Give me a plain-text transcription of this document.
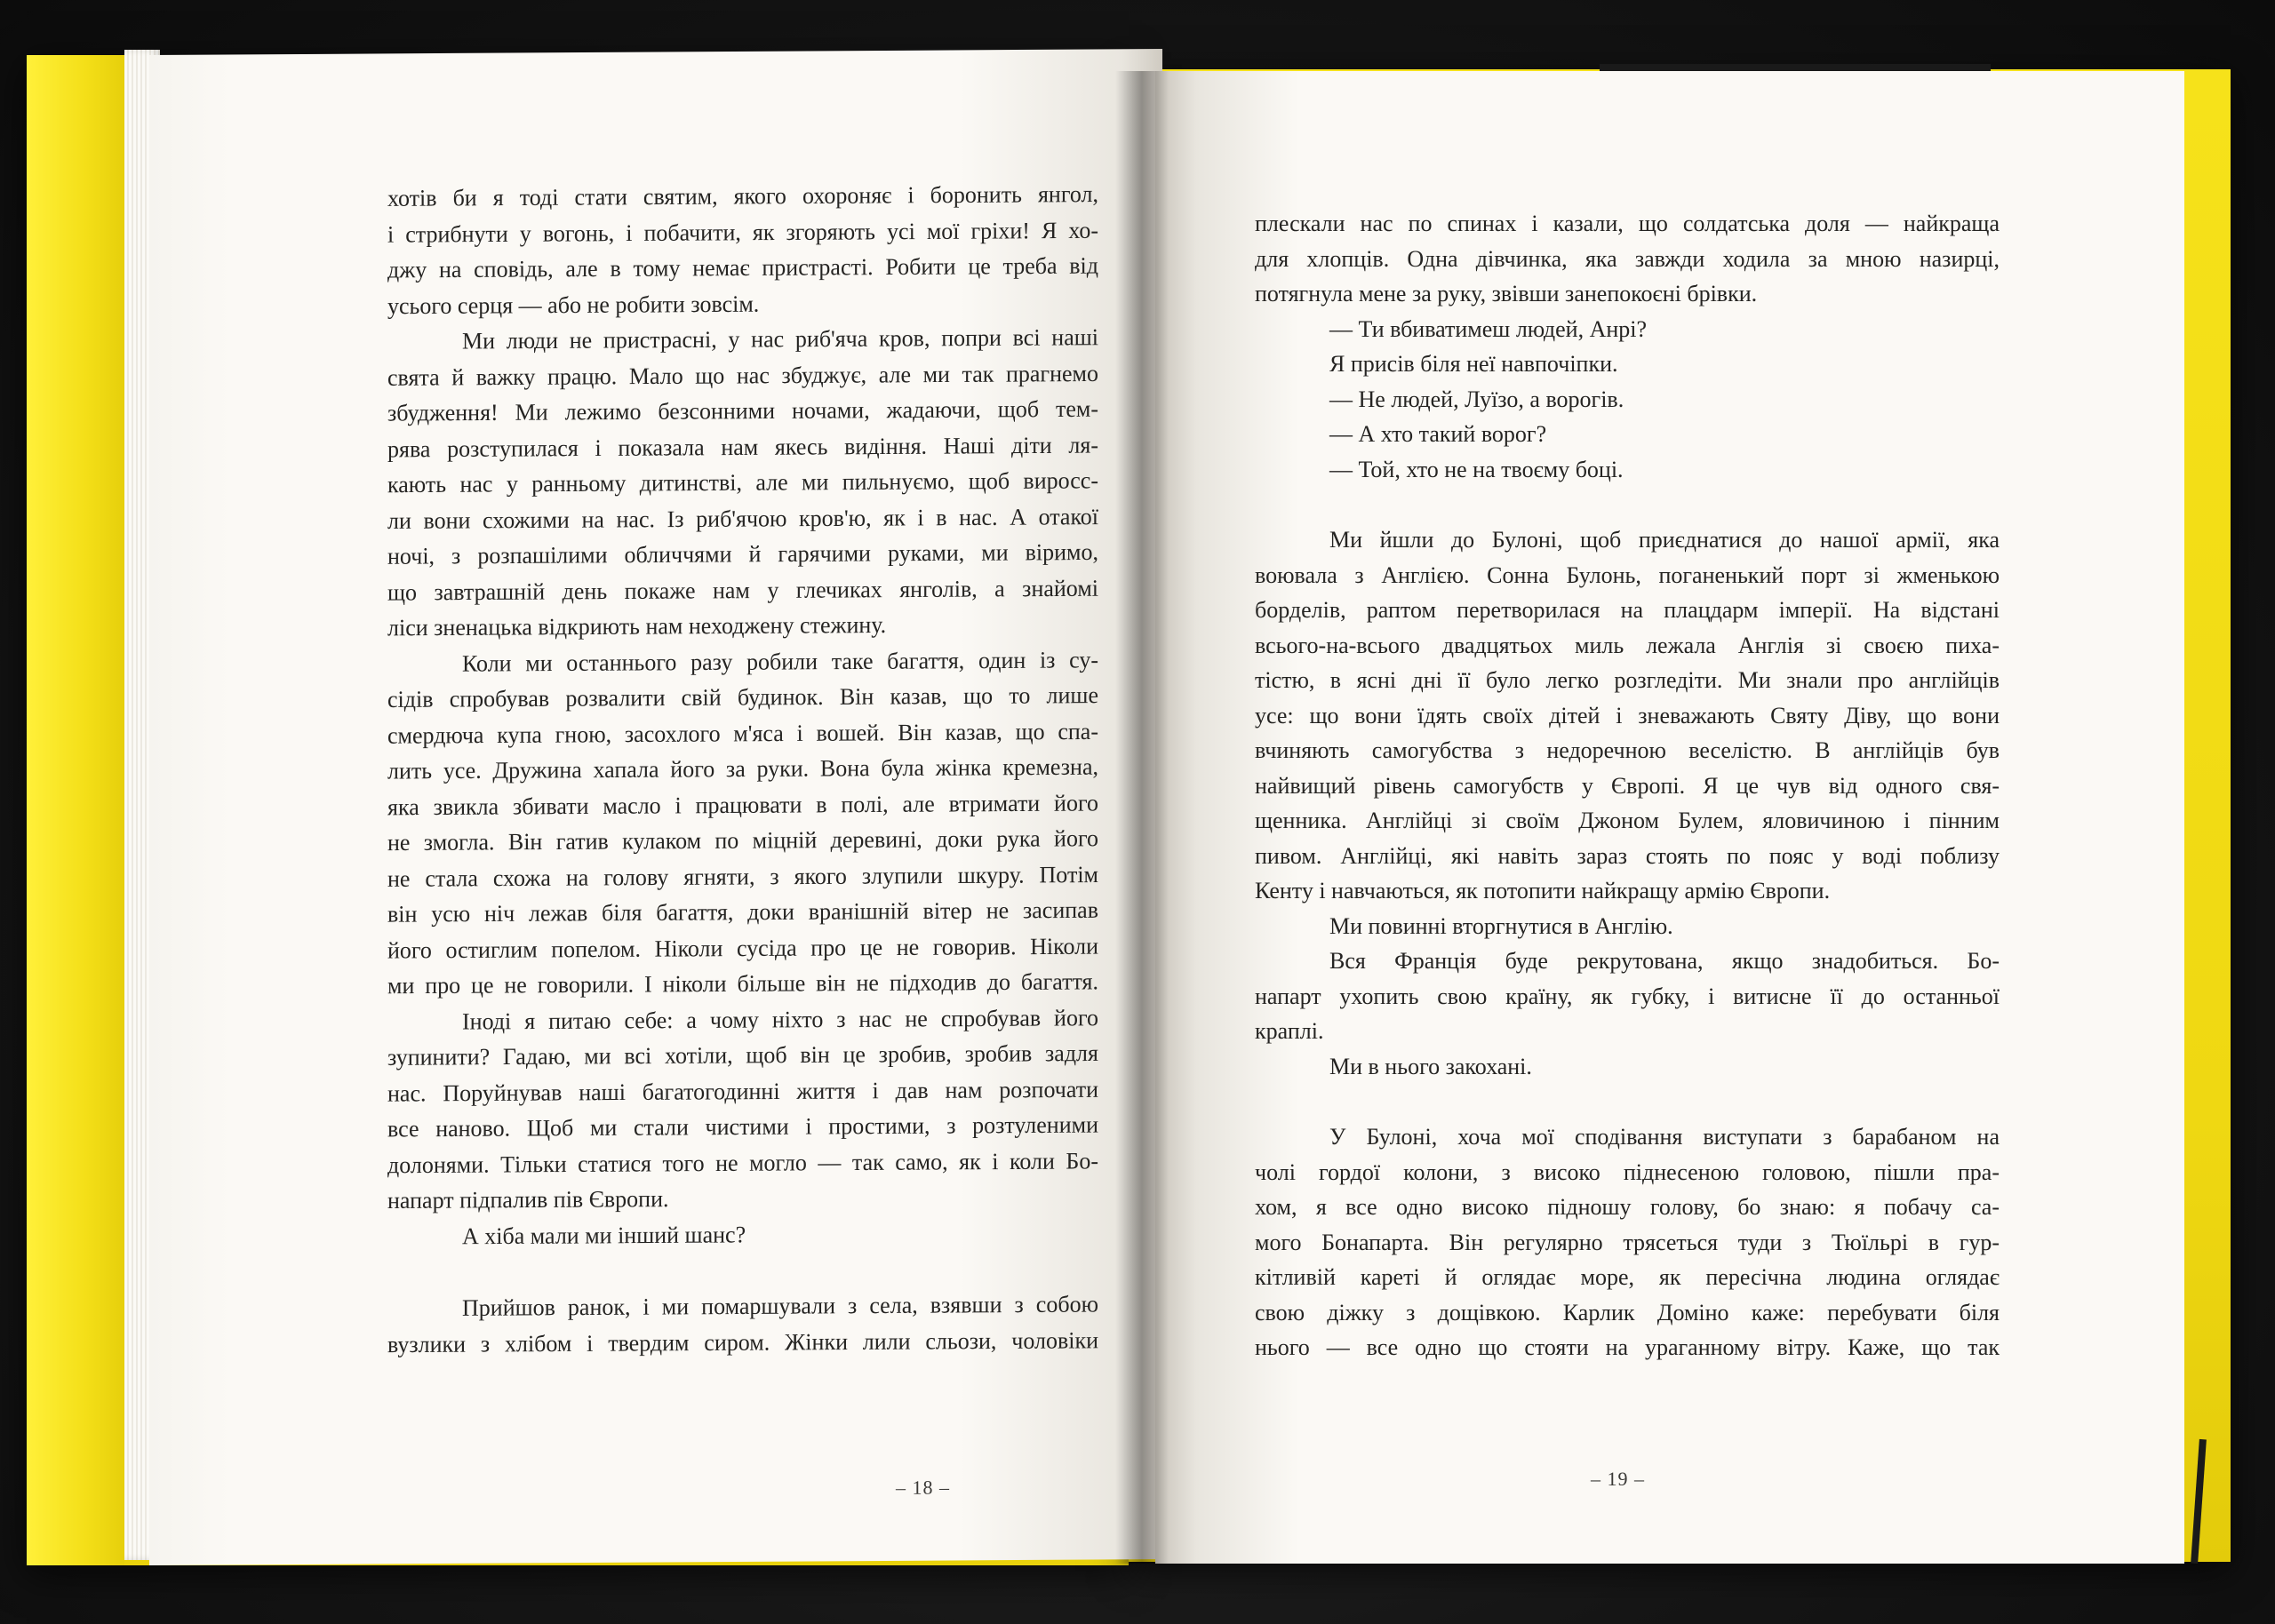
хотів би я тоді стати святим, якого охороняє і боронить янгол,
і стрибнути у вогонь, і побачити, як згоряють усі мої гріхи! Я хо-
джу на сповідь, але в тому немає пристрасті. Робити це треба від
усього серця — або не робити зовсім.
Ми люди не пристрасні, у нас риб'яча кров, попри всі наші
свята й важку працю. Мало що нас збуджує, але ми так прагнемо
збудження! Ми лежимо безсонними ночами, жадаючи, щоб тем-
рява розступилася і показала нам якесь видіння. Наші діти ля-
кають нас у ранньому дитинстві, але ми пильнуємо, щоб виросс-
ли вони схожими на нас. Із риб'ячою кров'ю, як і в нас. А отакої
ночі, з розпашілими обличчями й гарячими руками, ми віримо,
що завтрашній день покаже нам у глечиках янголів, а знайомі
ліси зненацька відкриють нам неходжену стежину.
Коли ми останнього разу робили таке багаття, один із су-
сідів спробував розвалити свій будинок. Він казав, що то лише
смердюча купа гною, засохлого м'яса і вошей. Він казав, що спа-
лить усе. Дружина хапала його за руки. Вона була жінка кремезна,
яка звикла збивати масло і працювати в полі, але втримати його
не змогла. Він гатив кулаком по міцній деревині, доки рука його
не стала схожа на голову ягняти, з якого злупили шкуру. Потім
він усю ніч лежав біля багаття, доки вранішній вітер не засипав
його остиглим попелом. Ніколи сусіда про це не говорив. Ніколи
ми про це не говорили. І ніколи більше він не підходив до багаття.
Іноді я питаю себе: а чому ніхто з нас не спробував його
зупинити? Гадаю, ми всі хотіли, щоб він це зробив, зробив задля
нас. Поруйнував наші багатогодинні життя і дав нам розпочати
все наново. Щоб ми стали чистими і простими, з розтуленими
долонями. Тільки статися того не могло — так само, як і коли Бо-
напарт підпалив пів Європи.
А хіба мали ми інший шанс?
Прийшов ранок, і ми помаршували з села, взявши з собою
вузлики з хлібом і твердим сиром. Жінки лили сльози, чоловіки
– 18 –
плескали нас по спинах і казали, що солдатська доля — найкраща
для хлопців. Одна дівчинка, яка завжди ходила за мною назирці,
потягнула мене за руку, звівши занепокоєні брівки.
— Ти вбиватимеш людей, Анрі?
Я присів біля неї навпочіпки.
— Не людей, Луїзо, а ворогів.
— А хто такий ворог?
— Той, хто не на твоєму боці.
Ми йшли до Булоні, щоб приєднатися до нашої армії, яка
воювала з Англією. Сонна Булонь, поганенький порт зі жменькою
борделів, раптом перетворилася на плацдарм імперії. На відстані
всього-на-всього двадцятьох миль лежала Англія зі своєю пиха-
тістю, в ясні дні її було легко розгледіти. Ми знали про англійців
усе: що вони їдять своїх дітей і зневажають Святу Діву, що вони
вчиняють самогубства з недоречною веселістю. В англійців був
найвищий рівень самогубств у Європі. Я це чув від одного свя-
щенника. Англійці зі своїм Джоном Булем, яловичиною і пінним
пивом. Англійці, які навіть зараз стоять по пояс у воді поблизу
Кенту і навчаються, як потопити найкращу армію Європи.
Ми повинні вторгнутися в Англію.
Вся Франція буде рекрутована, якщо знадобиться. Бо-
напарт ухопить свою країну, як губку, і витисне її до останньої
краплі.
Ми в нього закохані.
У Булоні, хоча мої сподівання виступати з барабаном на
чолі гордої колони, з високо піднесеною головою, пішли пра-
хом, я все одно високо підношу голову, бо знаю: я побачу са-
мого Бонапарта. Він регулярно трясеться туди з Тюїльрі в гур-
кітливій кареті й оглядає море, як пересічна людина оглядає
свою діжку з дощівкою. Карлик Доміно каже: перебувати біля
нього — все одно що стояти на ураганному вітру. Каже, що так
– 19 –
